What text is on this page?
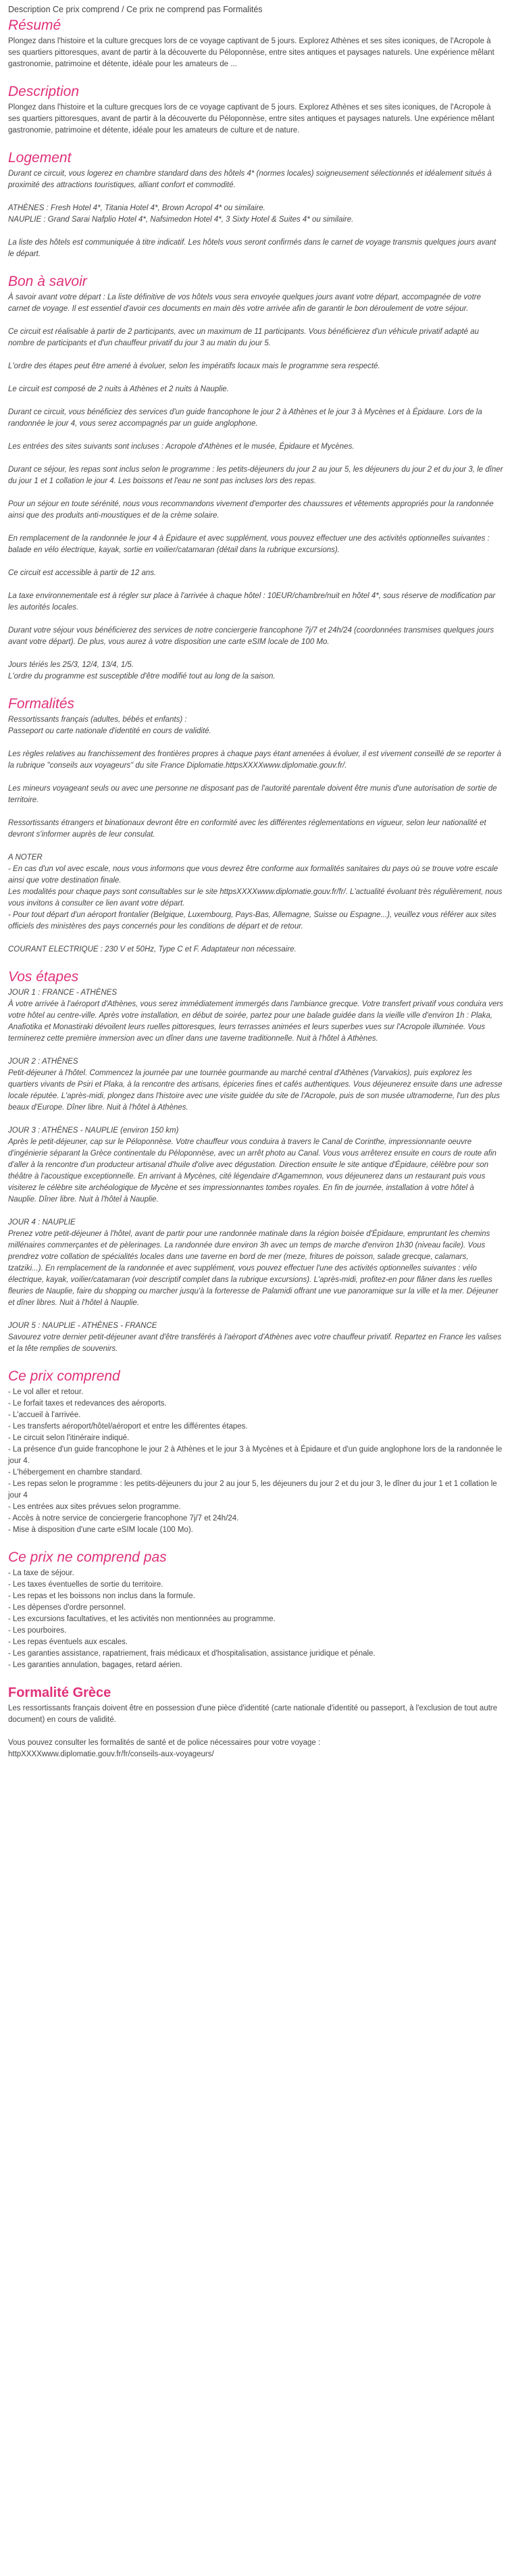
Description Ce prix comprend / Ce prix ne comprend pas Formalités
Résumé

Plongez dans l'histoire et la culture grecques lors de ce voyage captivant de 5 jours. Explorez Athènes et ses sites iconiques, de l'Acropole à ses quartiers pittoresques, avant de partir à la découverte du Péloponnèse, entre sites antiques et paysages naturels. Une expérience mêlant gastronomie, patrimoine et détente, idéale pour les amateurs de ...

Description

Plongez dans l'histoire et la culture grecques lors de ce voyage captivant de 5 jours. Explorez Athènes et ses sites iconiques, de l'Acropole à ses quartiers pittoresques, avant de partir à la découverte du Péloponnèse, entre sites antiques et paysages naturels. Une expérience mêlant gastronomie, patrimoine et détente, idéale pour les amateurs de culture et de nature.

Logement

Durant ce circuit, vous logerez en chambre standard dans des hôtels 4* (normes locales) soigneusement sélectionnés et idéalement situés à proximité des attractions touristiques, alliant confort et commodité.

ATHÈNES : Fresh Hotel 4*, Titania Hotel 4*, Brown Acropol 4* ou similaire.
NAUPLIE : Grand Sarai Nafplio Hotel 4*, Nafsimedon Hotel 4*, 3 Sixty Hotel & Suites 4* ou similaire.

La liste des hôtels est communiquée à titre indicatif. Les hôtels vous seront confirmés dans le carnet de voyage transmis quelques jours avant le départ.

Bon à savoir

À savoir avant votre départ : La liste définitive de vos hôtels vous sera envoyée quelques jours avant votre départ, accompagnée de votre carnet de voyage. Il est essentiel d'avoir ces documents en main dès votre arrivée afin de garantir le bon déroulement de votre séjour.

Ce circuit est réalisable à partir de 2 participants, avec un maximum de 11 participants. Vous bénéficierez d'un véhicule privatif adapté au nombre de participants et d'un chauffeur privatif du jour 3 au matin du jour 5.

L'ordre des étapes peut être amené à évoluer, selon les impératifs locaux mais le programme sera respecté.

Le circuit est composé de 2 nuits à Athènes et 2 nuits à Nauplie.

Durant ce circuit, vous bénéficiez des services d'un guide francophone le jour 2 à Athènes et le jour 3 à Mycènes et à Épidaure. Lors de la randonnée le jour 4, vous serez accompagnés par un guide anglophone.

Les entrées des sites suivants sont incluses : Acropole d'Athènes et le musée, Épidaure et Mycènes.

Durant ce séjour, les repas sont inclus selon le programme : les petits-déjeuners du jour 2 au jour 5, les déjeuners du jour 2 et du jour 3, le dîner du jour 1 et 1 collation le jour 4. Les boissons et l'eau ne sont pas incluses lors des repas.

Pour un séjour en toute sérénité, nous vous recommandons vivement d'emporter des chaussures et vêtements appropriés pour la randonnée ainsi que des produits anti-moustiques et de la crème solaire.

En remplacement de la randonnée le jour 4 à Épidaure et avec supplément, vous pouvez effectuer une des activités optionnelles suivantes : balade en vélo électrique, kayak, sortie en voilier/catamaran (détail dans la rubrique excursions).

Ce circuit est accessible à partir de 12 ans.

La taxe environnementale est à régler sur place à l'arrivée à chaque hôtel : 10EUR/chambre/nuit en hôtel 4*, sous réserve de modification par les autorités locales.

Durant votre séjour vous bénéficierez des services de notre conciergerie francophone 7j/7 et 24h/24 (coordonnées transmises quelques jours avant votre départ). De plus, vous aurez à votre disposition une carte eSIM locale de 100 Mo.

Jours tériés les 25/3, 12/4, 13/4, 1/5.
L'ordre du programme est susceptible d'être modifié tout au long de la saison.

Formalités

Ressortissants français (adultes, bébés et enfants) :
Passeport ou carte nationale d'identité en cours de validité.

Les règles relatives au franchissement des frontières propres à chaque pays étant amenées à évoluer, il est vivement conseillé de se reporter à la rubrique "conseils aux voyageurs" du site France Diplomatie.httpsXXXXwww.diplomatie.gouv.fr/.

Les mineurs voyageant seuls ou avec une personne ne disposant pas de l'autorité parentale doivent être munis d'une autorisation de sortie de territoire.

Ressortissants étrangers et binationaux devront être en conformité avec les différentes réglementations en vigueur, selon leur nationalité et devront s'informer auprès de leur consulat.

A NOTER
- En cas d'un vol avec escale, nous vous informons que vous devrez être conforme aux formalités sanitaires du pays où se trouve votre escale ainsi que votre destination finale.
Les modalités pour chaque pays sont consultables sur le site httpsXXXXwww.diplomatie.gouv.fr/fr/. L'actualité évoluant très régulièrement, nous vous invitons à consulter ce lien avant votre départ.
- Pour tout départ d'un aéroport frontalier (Belgique, Luxembourg, Pays-Bas, Allemagne, Suisse ou Espagne...), veuillez vous référer aux sites officiels des ministères des pays concernés pour les conditions de départ et de retour.

COURANT ELECTRIQUE : 230 V et 50Hz, Type C et F. Adaptateur non nécessaire.

Vos étapes

JOUR 1 : FRANCE - ATHÈNES
À votre arrivée à l'aéroport d'Athènes, vous serez immédiatement immergés dans l'ambiance grecque. Votre transfert privatif vous conduira vers votre hôtel au centre-ville. Après votre installation, en début de soirée, partez pour une balade guidée dans la vieille ville d'environ 1h : Plaka, Anafiotika et Monastiraki dévoilent leurs ruelles pittoresques, leurs terrasses animées et leurs superbes vues sur l'Acropole illuminée. Vous terminerez cette première immersion avec un dîner dans une taverne traditionnelle. Nuit à l'hôtel à Athènes.

JOUR 2 : ATHÈNES
Petit-déjeuner à l'hôtel. Commencez la journée par une tournée gourmande au marché central d'Athènes (Varvakios), puis explorez les quartiers vivants de Psiri et Plaka, à la rencontre des artisans, épiceries fines et cafés authentiques. Vous déjeunerez ensuite dans une adresse locale réputée. L'après-midi, plongez dans l'histoire avec une visite guidée du site de l'Acropole, puis de son musée ultramoderne, l'un des plus beaux d'Europe. Dîner libre. Nuit à l'hôtel à Athènes.

JOUR 3 : ATHÈNES - NAUPLIE (environ 150 km)
Après le petit-déjeuner, cap sur le Péloponnèse. Votre chauffeur vous conduira à travers le Canal de Corinthe, impressionnante oeuvre d'ingénierie séparant la Grèce continentale du Péloponnèse, avec un arrêt photo au Canal. Vous vous arrêterez ensuite en cours de route afin d'aller à la rencontre d'un producteur artisanal d'huile d'olive avec dégustation. Direction ensuite le site antique d'Épidaure, célèbre pour son théâtre à l'acoustique exceptionnelle. En arrivant à Mycènes, cité légendaire d'Agamemnon, vous déjeunerez dans un restaurant puis vous visiterez le célèbre site archéologique de Mycène et ses impressionnantes tombes royales. En fin de journée, installation à votre hôtel à Nauplie. Dîner libre. Nuit à l'hôtel à Nauplie.

JOUR 4 : NAUPLIE
Prenez votre petit-déjeuner à l'hôtel, avant de partir pour une randonnée matinale dans la région boisée d'Épidaure, empruntant les chemins millénaires commerçantes et de pèlerinages. La randonnée dure environ 3h avec un temps de marche d'environ 1h30 (niveau facile). Vous prendrez votre collation de spécialités locales dans une taverne en bord de mer (meze, fritures de poisson, salade grecque, calamars, tzatziki...). En remplacement de la randonnée et avec supplément, vous pouvez effectuer l'une des activités optionnelles suivantes : vélo électrique, kayak, voilier/catamaran (voir descriptif complet dans la rubrique excursions). L'après-midi, profitez-en pour flâner dans les ruelles fleuries de Nauplie, faire du shopping ou marcher jusqu'à la forteresse de Palamidi offrant une vue panoramique sur la ville et la mer. Déjeuner et dîner libres. Nuit à l'hôtel à Nauplie.

JOUR 5 : NAUPLIE - ATHÈNES - FRANCE
Savourez votre dernier petit-déjeuner avant d'être transférés à l'aéroport d'Athènes avec votre chauffeur privatif. Repartez en France les valises et la tête remplies de souvenirs.

Ce prix comprend

- Le vol aller et retour.

- Le forfait taxes et redevances des aéroports.

- L'accueil à l'arrivée.

- Les transferts aéroport/hôtel/aéroport et entre les différentes étapes.

- Le circuit selon l'itinéraire indiqué.

- La présence d'un guide francophone le jour 2 à Athènes et le jour 3 à Mycènes et à Épidaure et d'un guide anglophone lors de la randonnée le jour 4.

- L'hébergement en chambre standard.

- Les repas selon le programme : les petits-déjeuners du jour 2 au jour 5, les déjeuners du jour 2 et du jour 3, le dîner du jour 1 et 1 collation le jour 4

- Les entrées aux sites prévues selon programme.

- Accès à notre service de conciergerie francophone 7j/7 et 24h/24.

- Mise à disposition d'une carte eSIM locale (100 Mo).

Ce prix ne comprend pas

- La taxe de séjour.

- Les taxes éventuelles de sortie du territoire.

- Les repas et les boissons non inclus dans la formule.

- Les dépenses d'ordre personnel.

- Les excursions facultatives, et les activités non mentionnées au programme.

- Les pourboires.

- Les repas éventuels aux escales.

- Les garanties assistance, rapatriement, frais médicaux et d'hospitalisation, assistance juridique et pénale.

- Les garanties annulation, bagages, retard aérien.

Formalité Grèce

Les ressortissants français doivent être en possession d'une pièce d'identité (carte nationale d'identité ou passeport, à l'exclusion de tout autre document) en cours de validité.

Vous pouvez consulter les formalités de santé et de police nécessaires pour votre voyage :
httpXXXXwww.diplomatie.gouv.fr/fr/conseils-aux-voyageurs/
